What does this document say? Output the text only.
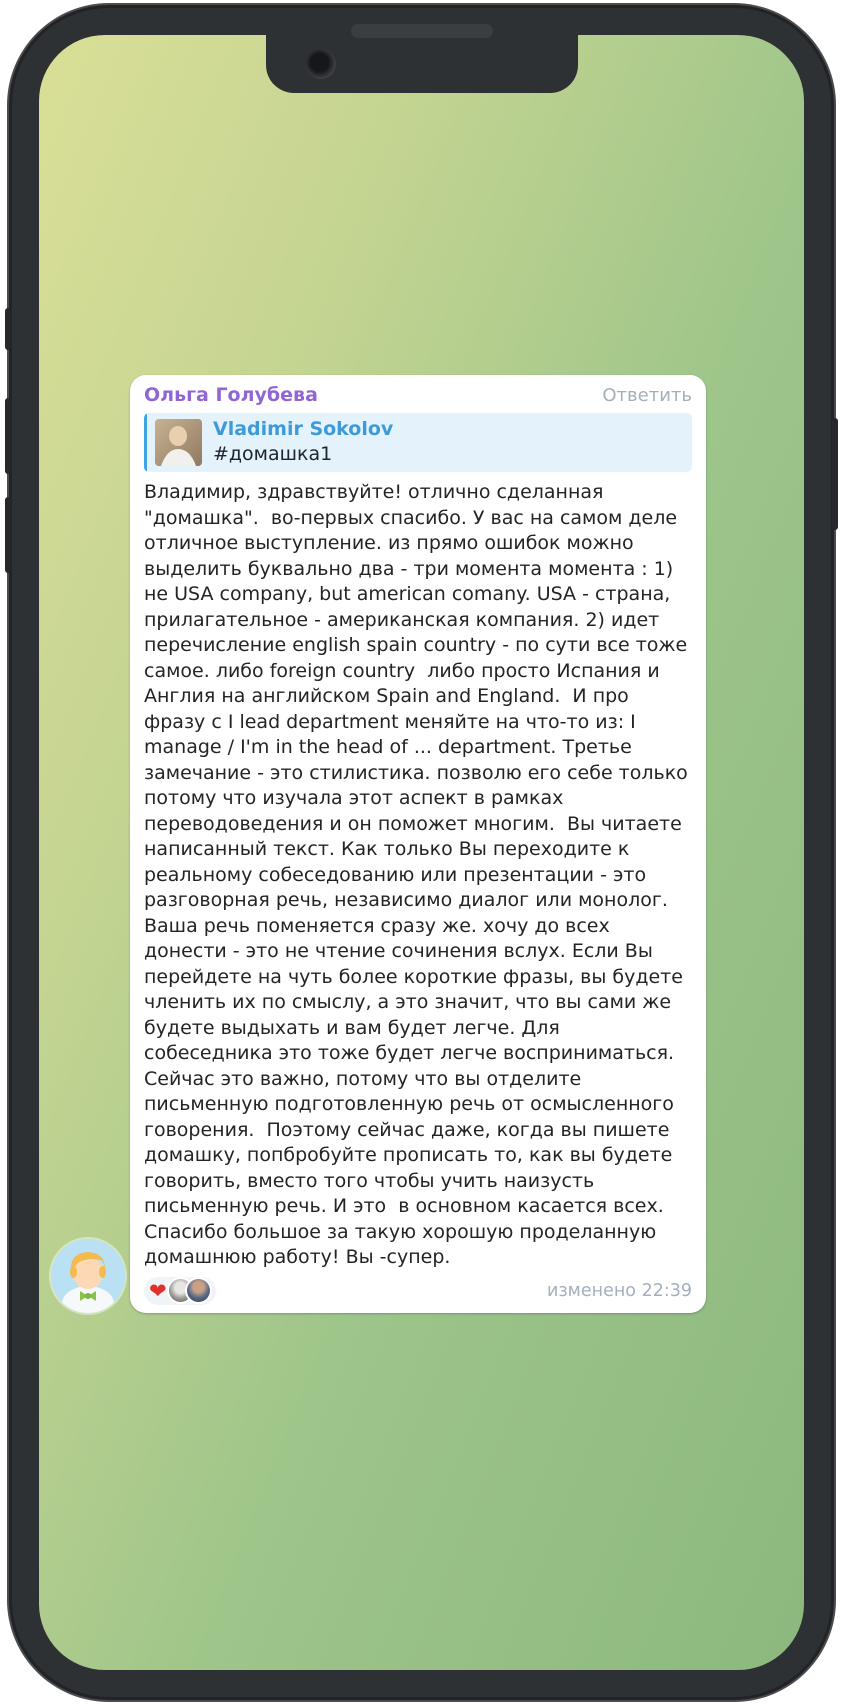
Ольга Голубева	Ответить
Vladimir Sokolov
#домашка1
Владимир, здравствуйте! отлично сделанная "домашка".  во-первых спасибо. У вас на самом деле отличное выступление. из прямо ошибок можно выделить буквально два - три момента момента : 1) не USA company, but american comany. USA - страна, прилагательное - американская компания. 2) идет перечисление english spain country - по сути все тоже самое. либо foreign country  либо просто Испания и Англия на английском Spain and England.  И про фразу с I lead department меняйте на что-то из: I manage / I'm in the head of ... department. Третье замечание - это стилистика. позволю его себе только потому что изучала этот аспект в рамках переводоведения и он поможет многим.  Вы читаете написанный текст. Как только Вы переходите к реальному собеседованию или презентации - это разговорная речь, независимо диалог или монолог. Ваша речь поменяется сразу же. хочу до всех донести - это не чтение сочинения вслух. Если Вы перейдете на чуть более короткие фразы, вы будете членить их по смыслу, а это значит, что вы сами же будете выдыхать и вам будет легче. Для собеседника это тоже будет легче восприниматься. Сейчас это важно, потому что вы отделите письменную подготовленную речь от осмысленного говорения.  Поэтому сейчас даже, когда вы пишете домашку, попбробуйте прописать то, как вы будете говорить, вместо того чтобы учить наизусть письменную речь. И это  в основном касается всех. Спасибо большое за такую хорошую проделанную домашнюю работу! Вы -супер.
❤	изменено 22:39
